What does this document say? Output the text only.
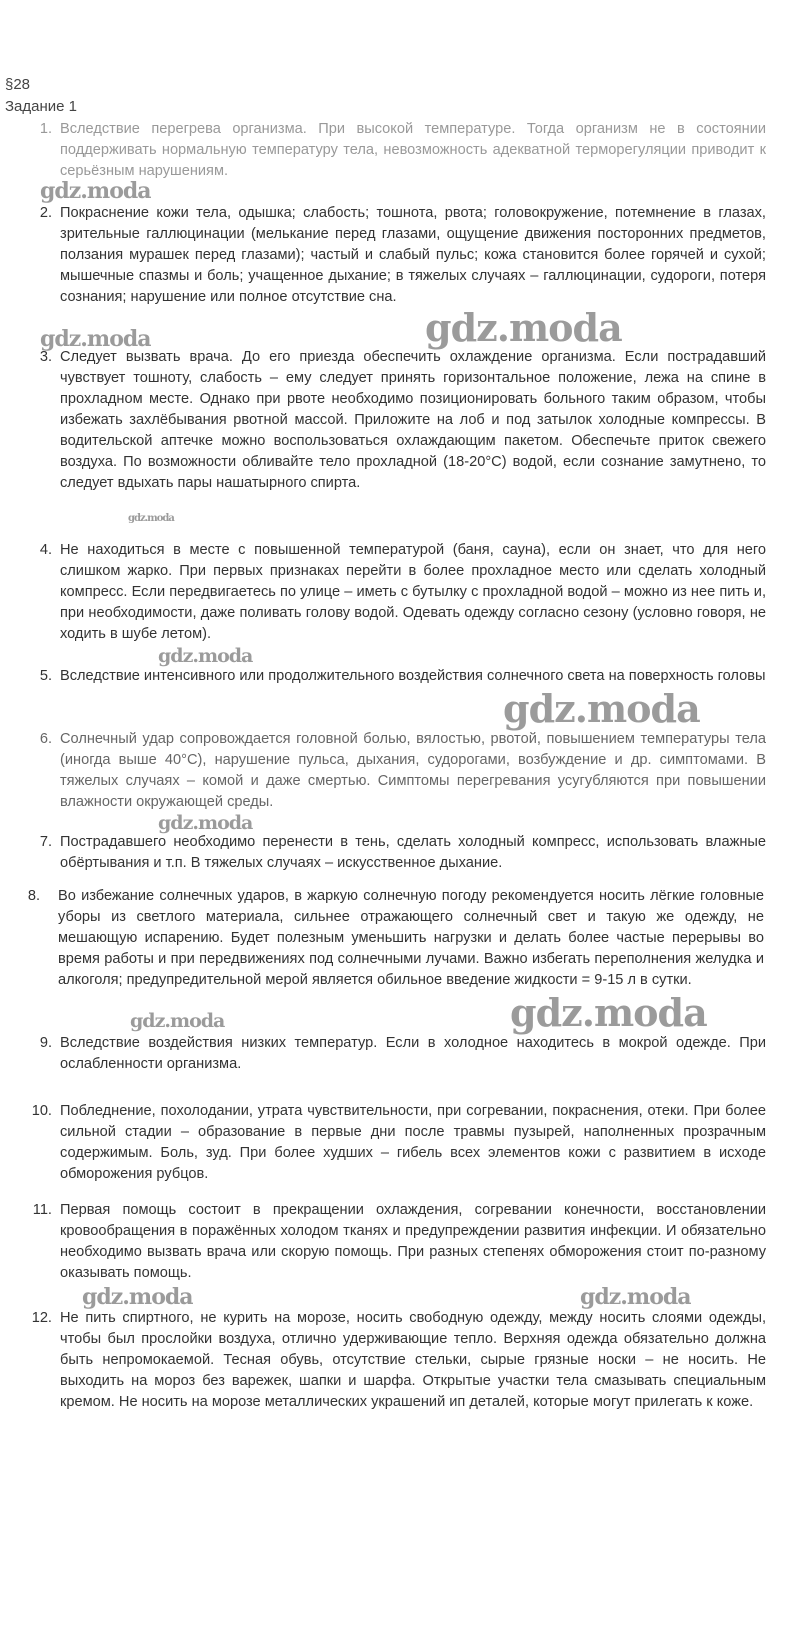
§28
Задание 1
1. Вследствие перегрева организма. При высокой температуре. Тогда организм не в состоянии поддерживать нормальную температуру тела, невозможность адекватной терморегуляции приводит к серьёзным нарушениям.
2. Покраснение кожи тела, одышка; слабость; тошнота, рвота; головокружение, потемнение в глазах, зрительные галлюцинации (мелькание перед глазами, ощущение движения посторонних предметов, ползания мурашек перед глазами); частый и слабый пульс; кожа становится более горячей и сухой; мышечные спазмы и боль; учащенное дыхание; в тяжелых случаях – галлюцинации, судороги, потеря сознания; нарушение или полное отсутствие сна.
3. Следует вызвать врача. До его приезда обеспечить охлаждение организма. Если пострадавший чувствует тошноту, слабость – ему следует принять горизонтальное положение, лежа на спине в прохладном месте. Однако при рвоте необходимо позиционировать больного таким образом, чтобы избежать захлёбывания рвотной массой. Приложите на лоб и под затылок холодные компрессы. В водительской аптечке можно воспользоваться охлаждающим пакетом. Обеспечьте приток свежего воздуха. По возможности обливайте тело прохладной (18-20°C) водой, если сознание замутнено, то следует вдыхать пары нашатырного спирта.
4. Не находиться в месте с повышенной температурой (баня, сауна), если он знает, что для него слишком жарко. При первых признаках перейти в более прохладное место или сделать холодный компресс. Если передвигаетесь по улице – иметь с бутылку с прохладной водой – можно из нее пить и, при необходимости, даже поливать голову водой. Одевать одежду согласно сезону (условно говоря, не ходить в шубе летом).
5. Вследствие интенсивного или продолжительного воздействия солнечного света на поверхность головы
6. Солнечный удар сопровождается головной болью, вялостью, рвотой, повышением температуры тела (иногда выше 40°C), нарушение пульса, дыхания, судорогами, возбуждение и др. симптомами. В тяжелых случаях – комой и даже смертью. Симптомы перегревания усугубляются при повышении влажности окружающей среды.
7. Пострадавшего необходимо перенести в тень, сделать холодный компресс, использовать влажные обёртывания и т.п. В тяжелых случаях – искусственное дыхание.
8. Во избежание солнечных ударов, в жаркую солнечную погоду рекомендуется носить лёгкие головные уборы из светлого материала, сильнее отражающего солнечный свет и такую же одежду, не мешающую испарению. Будет полезным уменьшить нагрузки и делать более частые перерывы во время работы и при передвижениях под солнечными лучами. Важно избегать переполнения желудка и алкоголя; предупредительной мерой является обильное введение жидкости = 9-15 л в сутки.
9. Вследствие воздействия низких температур. Если в холодное находитесь в мокрой одежде. При ослабленности организма.
10. Побледнение, похолодании, утрата чувствительности, при согревании, покраснения, отеки. При более сильной стадии – образование в первые дни после травмы пузырей, наполненных прозрачным содержимым. Боль, зуд. При более худших – гибель всех элементов кожи с развитием в исходе обморожения рубцов.
11. Первая помощь состоит в прекращении охлаждения, согревании конечности, восстановлении кровообращения в поражённых холодом тканях и предупреждении развития инфекции. И обязательно необходимо вызвать врача или скорую помощь. При разных степенях обморожения стоит по-разному оказывать помощь.
12. Не пить спиртного, не курить на морозе, носить свободную одежду, между носить слоями одежды, чтобы был прослойки воздуха, отлично удерживающие тепло. Верхняя одежда обязательно должна быть непромокаемой. Тесная обувь, отсутствие стельки, сырые грязные носки – не носить. Не выходить на мороз без варежек, шапки и шарфа. Открытые участки тела смазывать специальным кремом. Не носить на морозе металлических украшений ип деталей, которые могут прилегать к коже.
gdz.moda
gdz.moda	gdz.moda
gdz.moda
gdz.moda
gdz.moda
gdz.moda
gdz.moda	gdz.moda
gdz.moda	gdz.moda
